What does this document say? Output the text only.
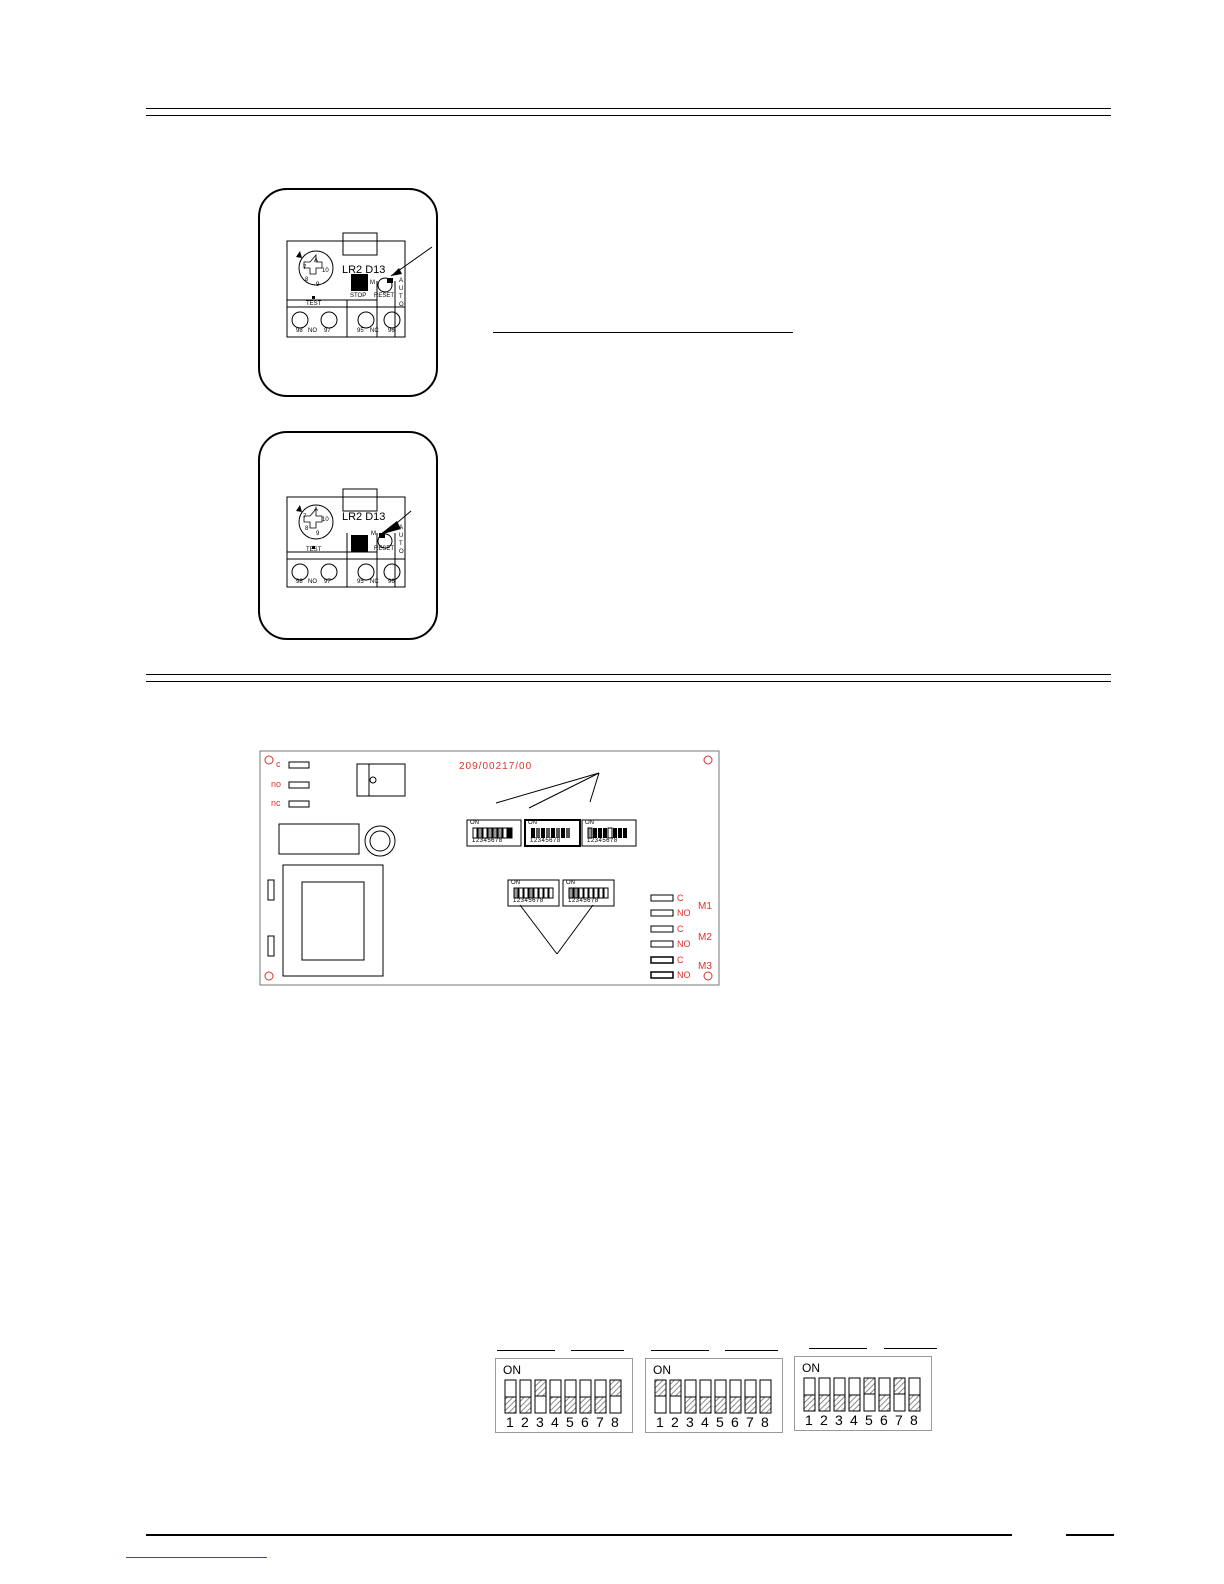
LR2 D13
TEST
STOP RESET
M	A
U
T
O
A
7	10
8
9
98 NO 97	95 NC 96
LR2 D13
TEST	STOP RESET
M
A
U
T
O
A
7	10
8
9
98 NO 97	95 NC 96
209/00217/00
c
no
nc
C
NO
C
NO
C
NO
M1
M2
M3
ON	ON	ON
ON	ON
12345678	12345678	12345678
12345678	12345678
ON
1 2 3 4 5 6 7 8
ON
1 2 3 4 5 6 7 8
ON
1 2 3 4 5 6 7 8
